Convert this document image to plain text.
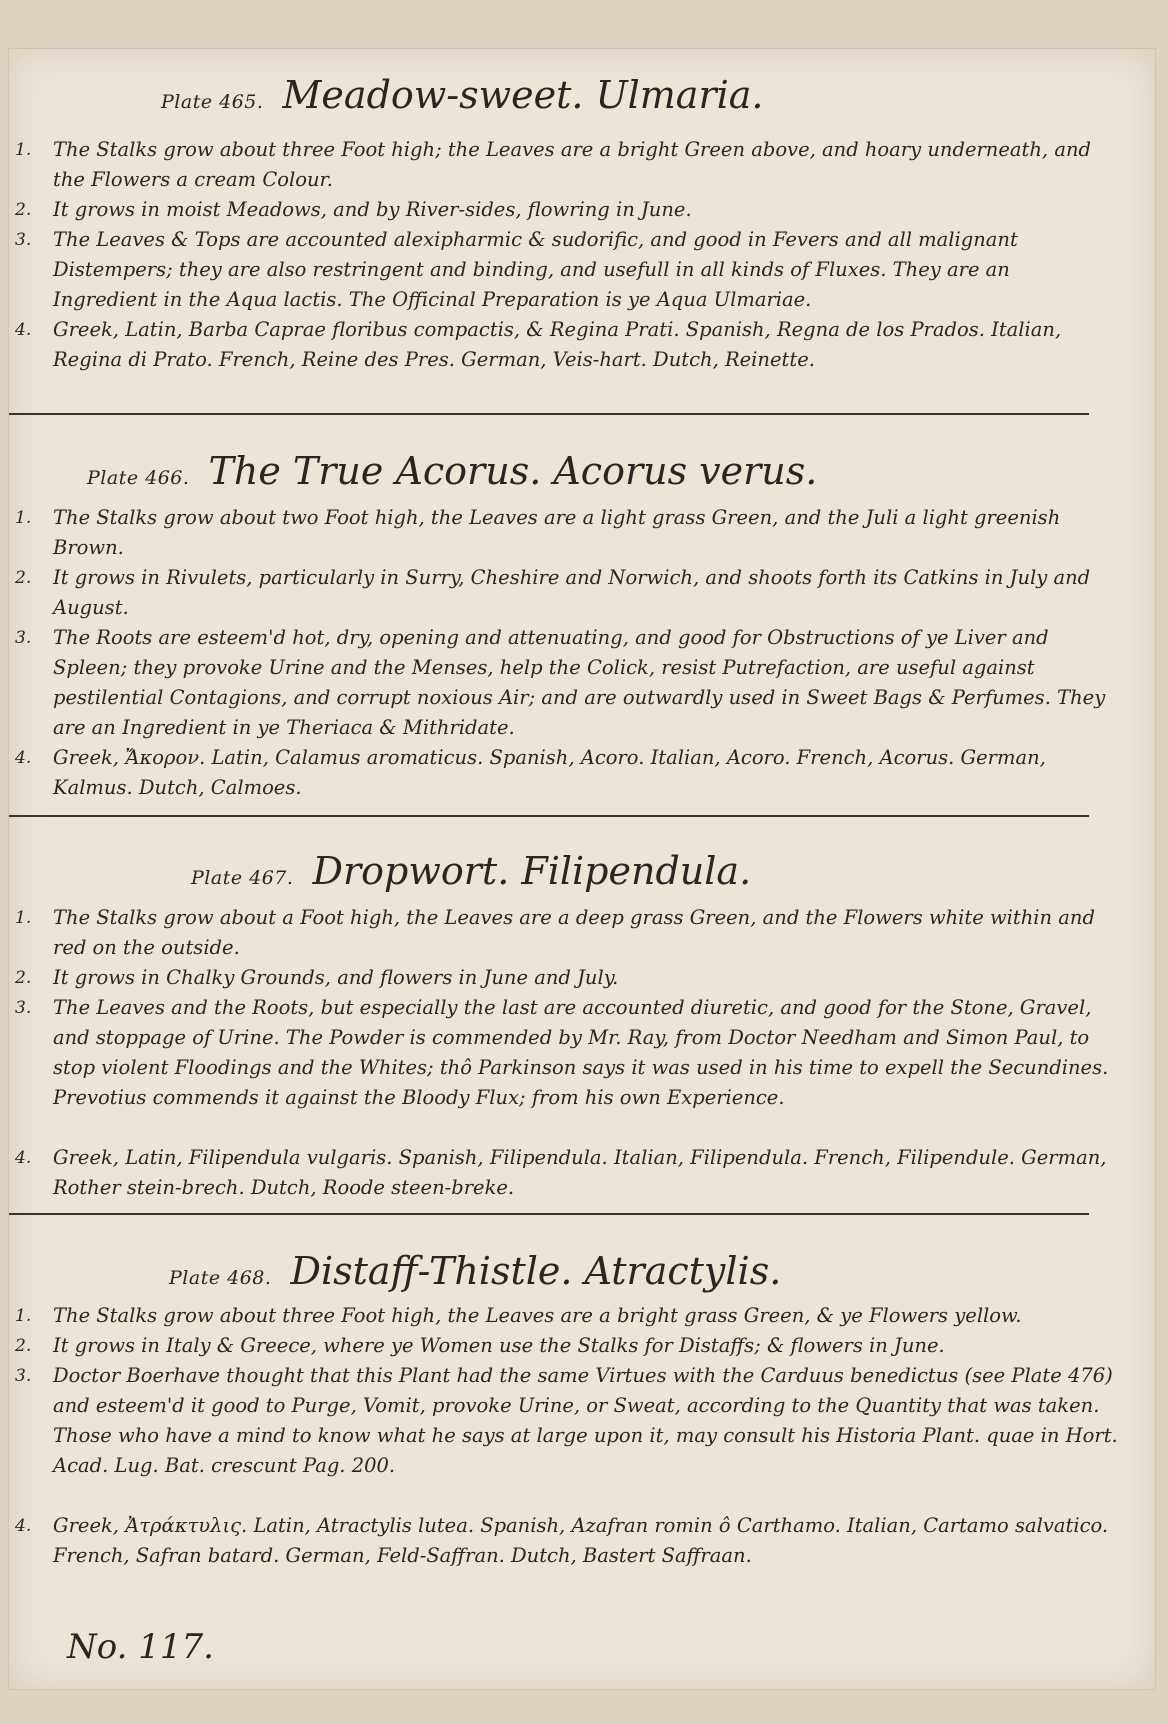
Plate 465. Meadow-sweet. Ulmaria.
1.	The Stalks grow about three Foot high; the Leaves are a bright Green above, and hoary underneath, and the Flowers a cream Colour.
2.	It grows in moist Meadows, and by River-sides, flowring in June.
3.	The Leaves & Tops are accounted alexipharmic & sudorific, and good in Fevers and all malignant Distempers; they are also restringent and binding, and usefull in all kinds of Fluxes. They are an Ingredient in the Aqua lactis. The Officinal Preparation is ye Aqua Ulmariae.
4.	Greek, Latin, Barba Caprae floribus compactis, & Regina Prati. Spanish, Regna de los Prados. Italian, Regina di Prato. French, Reine des Pres. German, Veis-hart. Dutch, Reinette.
Plate 466. The True Acorus. Acorus verus.
1.	The Stalks grow about two Foot high, the Leaves are a light grass Green, and the Juli a light greenish Brown.
2.	It grows in Rivulets, particularly in Surry, Cheshire and Norwich, and shoots forth its Catkins in July and August.
3.	The Roots are esteem'd hot, dry, opening and attenuating, and good for Obstructions of ye Liver and Spleen; they provoke Urine and the Menses, help the Colick, resist Putrefaction, are useful against pestilential Contagions, and corrupt noxious Air; and are outwardly used in Sweet Bags & Perfumes. They are an Ingredient in ye Theriaca & Mithridate.
4.	Greek, Ἄκορον. Latin, Calamus aromaticus. Spanish, Acoro. Italian, Acoro. French, Acorus. German, Kalmus. Dutch, Calmoes.
Plate 467. Dropwort. Filipendula.
1.	The Stalks grow about a Foot high, the Leaves are a deep grass Green, and the Flowers white within and red on the outside.
2.	It grows in Chalky Grounds, and flowers in June and July.
3.	The Leaves and the Roots, but especially the last are accounted diuretic, and good for the Stone, Gravel, and stoppage of Urine. The Powder is commended by Mr. Ray, from Doctor Needham and Simon Paul, to stop violent Floodings and the Whites; thô Parkinson says it was used in his time to expell the Secundines. Prevotius commends it against the Bloody Flux; from his own Experience.
4.	Greek, Latin, Filipendula vulgaris. Spanish, Filipendula. Italian, Filipendula. French, Filipendule. German, Rother stein-brech. Dutch, Roode steen-breke.
Plate 468. Distaff-Thistle. Atractylis.
1.	The Stalks grow about three Foot high, the Leaves are a bright grass Green, & ye Flowers yellow.
2.	It grows in Italy & Greece, where ye Women use the Stalks for Distaffs; & flowers in June.
3.	Doctor Boerhave thought that this Plant had the same Virtues with the Carduus benedictus (see Plate 476) and esteem'd it good to Purge, Vomit, provoke Urine, or Sweat, according to the Quantity that was taken. Those who have a mind to know what he says at large upon it, may consult his Historia Plant. quae in Hort. Acad. Lug. Bat. crescunt Pag. 200.
4.	Greek, Ἀτράκτυλις. Latin, Atractylis lutea. Spanish, Azafran romin ô Carthamo. Italian, Cartamo salvatico. French, Safran batard. German, Feld-Saffran. Dutch, Bastert Saffraan.
No. 117.
